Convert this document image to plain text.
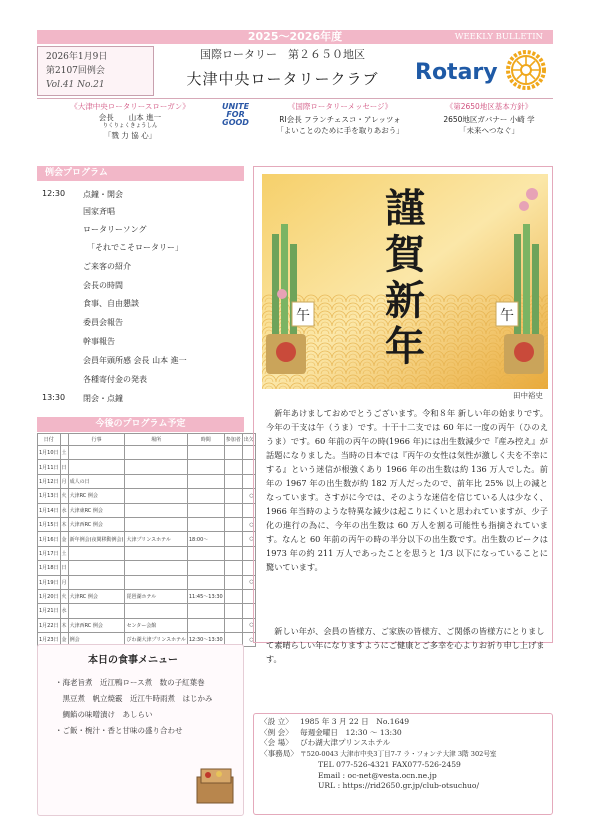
2025～2026年度	WEEKLY BULLETIN
2026年1月9日
第2107回例会
Vol.41 No.21
国際ロータリー　第２６５０地区
大津中央ロータリークラブ	Rotary
《大津中央ロータリースローガン》
会長　　山本 進一
りくりょくきょうしん
「戮 力 協 心」
UNITE
FOR
GOOD
《国際ロータリーメッセージ》
RI会長 フランチェスコ・アレッツォ
「よいことのために手を取りあおう」
《第2650地区基本方針》
2650地区ガバナー 小崎 学
「未来へつなぐ」
例会プログラム
12:30 点鐘・開会
国家斉唱
ロータリーソング
「それでこそロータリー」
ご来客の紹介
会長の時間
食事、自由懇談
委員会報告
幹事報告
会員年頭所感 会長 山本 進一
各種寄付金の発表
13:30 閉会・点鐘
今後のプログラム予定
日付		行事	場所	時間	参加者	出欠
1月10日	土					
1月11日	日					
1月12日	月	成人の日				
1月13日	火	大津RC 例会				○
1月14日	水	大津東RC 例会				
1月15日	木	大津西RC 例会				○
1月16日	金	新年例会(夜間移動例会)	大津プリンスホテル	18:00～		○
1月17日	土					
1月18日	日					
1月19日	月					○
1月20日	火	大津RC 例会	琵琶湖ホテル	11:45～13:30		
1月21日	水					
1月22日	木	大津西RC 例会	センター会館			○
1月23日	金	例会	びわ湖大津プリンスホテル	12:30～13:30		○
本日の食事メニュー
・海老旨煮　近江鴨ロース煮　数の子紅葉巻
　黒豆煮　帆立焼霰　近江牛時雨煮　はじかみ
　鯛餡の味噌漬け　あしらい
・ご飯・椀汁・香と甘味の盛り合わせ
午	午
謹賀新年
田中裕史
新年あけましておめでとうございます。令和８年 新しい年の始まりです。今年の干支は午（うま）です。十干十二支では 60 年に一度の丙午（ひのえうま）です。60 年前の丙午の時(1966 年)には出生数減少で『産み控え』が話題になりました。当時の日本では『丙午の女性は気性が激しく夫を不幸にする』という迷信が根強くあり 1966 年の出生数は約 136 万人でした。前年の 1967 年の出生数が約 182 万人だったので、前年比 25% 以上の減となっています。さすがに今では、そのような迷信を信じている人は少なく、1966 年当時のような特異な減少は起こりにくいと思われていますが、少子化の進行の為に、今年の出生数は 60 万人を割る可能性も指摘されています。なんと 60 年前の丙午の時の半分以下の出生数です。出生数のピークは 1973 年の約 211 万人であったことを思うと 1/3 以下になっていることに驚いています。
新しい年が、会員の皆様方、ご家族の皆様方、ご関係の皆様方にとりまして素晴らしい年になりますようにご健康とご多幸を心よりお祈り申し上げます。
〈設 立〉 1985 年 3 月 22 日　No.1649
〈例 会〉 毎週金曜日　12:30 ～ 13:30
〈会 場〉 びわ湖大津プリンスホテル
〈事務局〉 〒520-0043 大津市中央3丁目7-7 ラ・フォンテ大津 3階 302号室
TEL 077-526-4321 FAX077-526-2459
Email : oc-net@vesta.ocn.ne.jp
URL : https://rid2650.gr.jp/club-otsuchuo/
